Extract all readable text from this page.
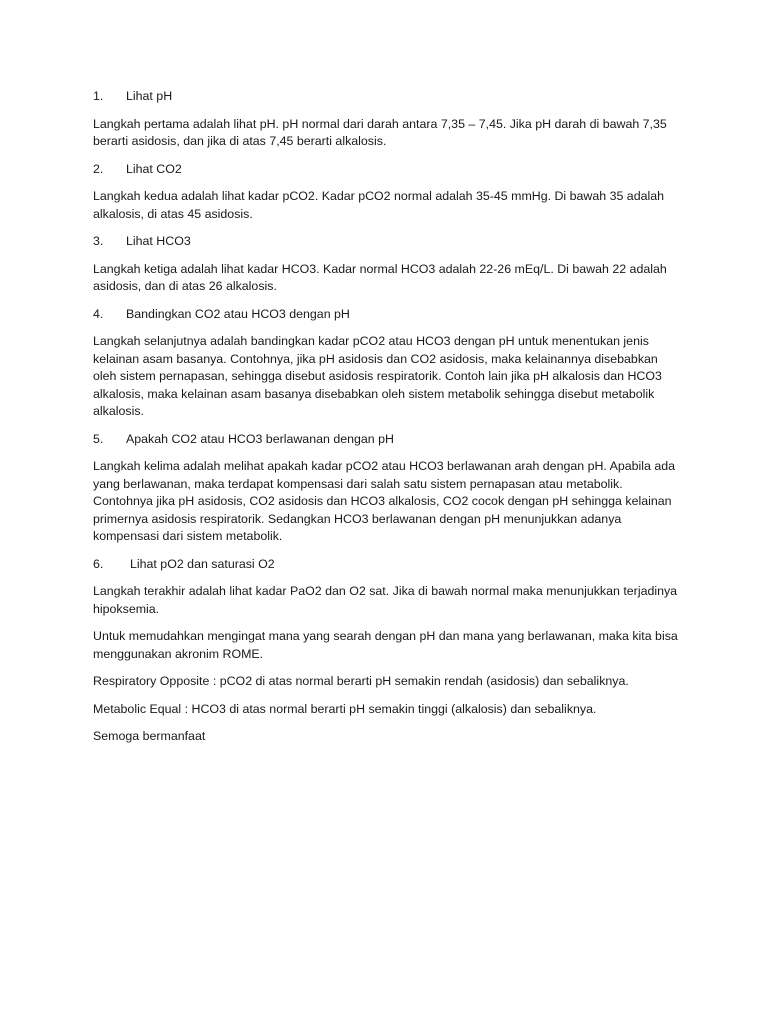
1.	Lihat pH

Langkah pertama adalah lihat pH. pH normal dari darah antara 7,35 – 7,45. Jika pH darah di bawah 7,35 berarti asidosis, dan jika di atas 7,45 berarti alkalosis.

2.	Lihat CO2

Langkah kedua adalah lihat kadar pCO2. Kadar pCO2 normal adalah 35-45 mmHg. Di bawah 35 adalah alkalosis, di atas 45 asidosis.

3.	Lihat HCO3

Langkah ketiga adalah lihat kadar HCO3. Kadar normal HCO3 adalah 22-26 mEq/L. Di bawah 22 adalah asidosis, dan di atas 26 alkalosis.

4.	Bandingkan CO2 atau HCO3 dengan pH

Langkah selanjutnya adalah bandingkan kadar pCO2 atau HCO3 dengan pH untuk menentukan jenis kelainan asam basanya. Contohnya, jika pH asidosis dan CO2 asidosis, maka kelainannya disebabkan oleh sistem pernapasan, sehingga disebut asidosis respiratorik. Contoh lain jika pH alkalosis dan HCO3 alkalosis, maka kelainan asam basanya disebabkan oleh sistem metabolik sehingga disebut metabolik alkalosis.

5.	Apakah CO2 atau HCO3 berlawanan dengan pH

Langkah kelima adalah melihat apakah kadar pCO2 atau HCO3 berlawanan arah dengan pH. Apabila ada yang berlawanan, maka terdapat kompensasi dari salah satu sistem pernapasan atau metabolik. Contohnya jika pH asidosis, CO2 asidosis dan HCO3 alkalosis, CO2 cocok dengan pH sehingga kelainan primernya asidosis respiratorik. Sedangkan HCO3 berlawanan dengan pH menunjukkan adanya kompensasi dari sistem metabolik.

6.	Lihat pO2 dan saturasi O2

Langkah terakhir adalah lihat kadar PaO2 dan O2 sat. Jika di bawah normal maka menunjukkan terjadinya hipoksemia.

Untuk memudahkan mengingat mana yang searah dengan pH dan mana yang berlawanan, maka kita bisa menggunakan akronim ROME.

Respiratory Opposite : pCO2 di atas normal berarti pH semakin rendah (asidosis) dan sebaliknya.

Metabolic Equal : HCO3 di atas normal berarti pH semakin tinggi (alkalosis) dan sebaliknya.

Semoga bermanfaat
